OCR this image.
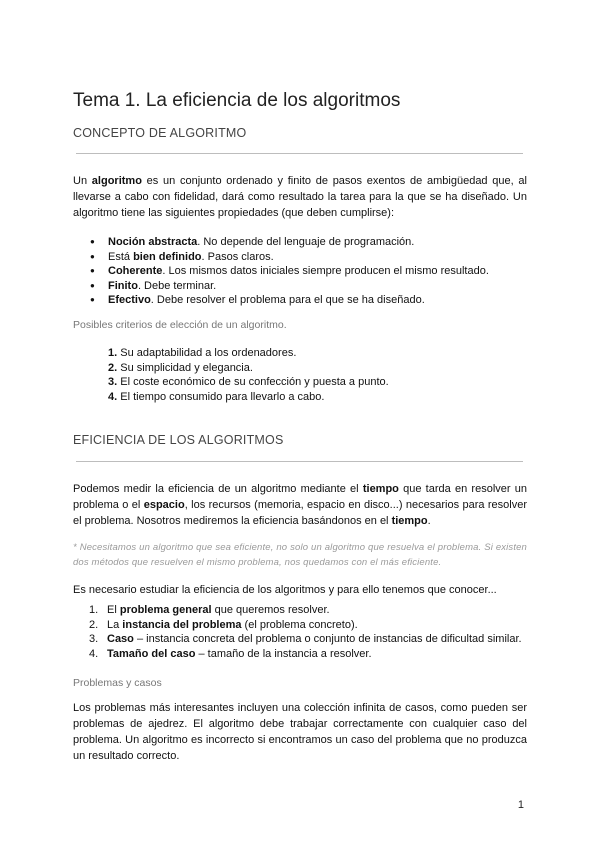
Tema 1. La eficiencia de los algoritmos
CONCEPTO DE ALGORITMO
Un algoritmo es un conjunto ordenado y finito de pasos exentos de ambigüedad que, al llevarse a cabo con fidelidad, dará como resultado la tarea para la que se ha diseñado. Un algoritmo tiene las siguientes propiedades (que deben cumplirse):
● Noción abstracta. No depende del lenguaje de programación.
● Está bien definido. Pasos claros.
● Coherente. Los mismos datos iniciales siempre producen el mismo resultado.
● Finito. Debe terminar.
● Efectivo. Debe resolver el problema para el que se ha diseñado.
Posibles criterios de elección de un algoritmo.
1. Su adaptabilidad a los ordenadores.
2. Su simplicidad y elegancia.
3. El coste económico de su confección y puesta a punto.
4. El tiempo consumido para llevarlo a cabo.
EFICIENCIA DE LOS ALGORITMOS
Podemos medir la eficiencia de un algoritmo mediante el tiempo que tarda en resolver un problema o el espacio, los recursos (memoria, espacio en disco...) necesarios para resolver el problema. Nosotros mediremos la eficiencia basándonos en el tiempo.
* Necesitamos un algoritmo que sea eficiente, no solo un algoritmo que resuelva el problema. Si existen dos métodos que resuelven el mismo problema, nos quedamos con el más eficiente.
Es necesario estudiar la eficiencia de los algoritmos y para ello tenemos que conocer...
1. El problema general que queremos resolver.
2. La instancia del problema (el problema concreto).
3. Caso – instancia concreta del problema o conjunto de instancias de dificultad similar.
4. Tamaño del caso – tamaño de la instancia a resolver.
Problemas y casos
Los problemas más interesantes incluyen una colección infinita de casos, como pueden ser problemas de ajedrez. El algoritmo debe trabajar correctamente con cualquier caso del problema. Un algoritmo es incorrecto si encontramos un caso del problema que no produzca un resultado correcto.
1
